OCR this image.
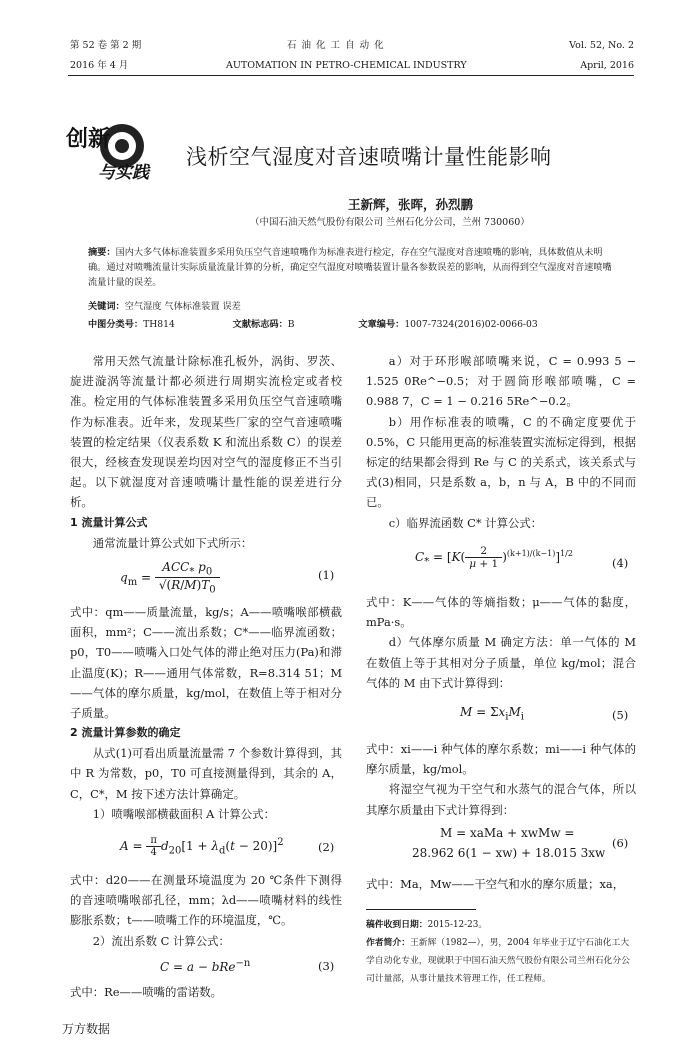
第 52 卷 第 2 期
2016 年 4 月
石 油 化 工 自 动 化
AUTOMATION IN PETRO-CHEMICAL INDUSTRY
Vol. 52, No. 2
April, 2016
创新
与实践
浅析空气湿度对音速喷嘴计量性能影响
王新辉，张晖，孙烈鹏
（中国石油天然气股份有限公司 兰州石化分公司，兰州 730060）
摘要：国内大多气体标准装置多采用负压空气音速喷嘴作为标准表进行检定，存在空气湿度对音速喷嘴的影响，具体数值从未明确。通过对喷嘴流量计实际质量流量计算的分析，确定空气湿度对喷嘴装置计量各参数误差的影响，从而得到空气湿度对音速喷嘴流量计量的误差。
关键词：空气湿度 气体标准装置 误差
中图分类号：TH814	文献标志码：B	文章编号：1007-7324(2016)02-0066-03

常用天然气流量计除标准孔板外，涡街、罗茨、旋进漩涡等流量计都必须进行周期实流检定或者校准。检定用的气体标准装置多采用负压空气音速喷嘴作为标准表。近年来，发现某些厂家的空气音速喷嘴装置的检定结果（仪表系数 K 和流出系数 C）的误差很大，经核查发现误差均因对空气的湿度修正不当引起。以下就湿度对音速喷嘴计量性能的误差进行分析。

1 流量计算公式

通常流量计算公式如下式所示：

$q_m = \frac{ACC_* p_0}{√(R/M)T_0}$	(1)

式中：qm——质量流量，kg/s；A——喷嘴喉部横截面积，mm²；C——流出系数；C*——临界流函数；p0，T0——喷嘴入口处气体的滞止绝对压力(Pa)和滞止温度(K)；R——通用气体常数，R=8.314 51；M——气体的摩尔质量，kg/mol，在数值上等于相对分子质量。

2 流量计算参数的确定

从式(1)可看出质量流量需 7 个参数计算得到，其中 R 为常数，p0，T0 可直接测量得到，其余的 A，C，C*，M 按下述方法计算确定。

1）喷嘴喉部横截面积 A 计算公式：

$A = \frac{\pi}{4} d_{20}[1 + \lambda_d(t - 20)]^2$	(2)

式中：d20——在测量环境温度为 20 ℃条件下测得的音速喷嘴喉部孔径，mm；λd——喷嘴材料的线性膨胀系数；t——喷嘴工作的环境温度，℃。

2）流出系数 C 计算公式：

C = a − bRe$^{-n}$	(3)

式中：Re——喷嘴的雷诺数。

a）对于环形喉部喷嘴来说，C = 0.993 5 − 1.525 0Re^−0.5；对于圆筒形喉部喷嘴，C = 0.988 7，C = 1 − 0.216 5Re^−0.2。

b）用作标准表的喷嘴，C 的不确定度要优于 0.5%，C 只能用更高的标准装置实流标定得到，根据标定的结果都会得到 Re 与 C 的关系式，该关系式与式(3)相同，只是系数 a，b，n 与 A，B 中的不同而已。

c）临界流函数 C* 计算公式：

$C_* = [K( \frac{2}{\mu + 1} )^{(k+1)/(k-1)}]^{1/2}$
(4)

式中：K——气体的等熵指数；μ——气体的黏度，mPa·s。

d）气体摩尔质量 M 确定方法：单一气体的 M 在数值上等于其相对分子质量，单位 kg/mol；混合气体的 M 由下式计算得到：

$M = \Sigma x_iM_i$	(5)

式中：xi——i 种气体的摩尔系数；mi——i 种气体的摩尔质量，kg/mol。

将湿空气视为干空气和水蒸气的混合气体，所以其摩尔质量由下式计算得到：

M = xaMa + xwMw =
28.962 6(1 − xw) + 18.015 3xw
(6)

式中：Ma，Mw——干空气和水的摩尔质量；xa，

稿件收到日期：2015-12-23。
作者简介：王新辉（1982—），男，2004 年毕业于辽宁石油化工大学自动化专业，现就职于中国石油天然气股份有限公司兰州石化分公司计量部，从事计量技术管理工作，任工程师。
万方数据
